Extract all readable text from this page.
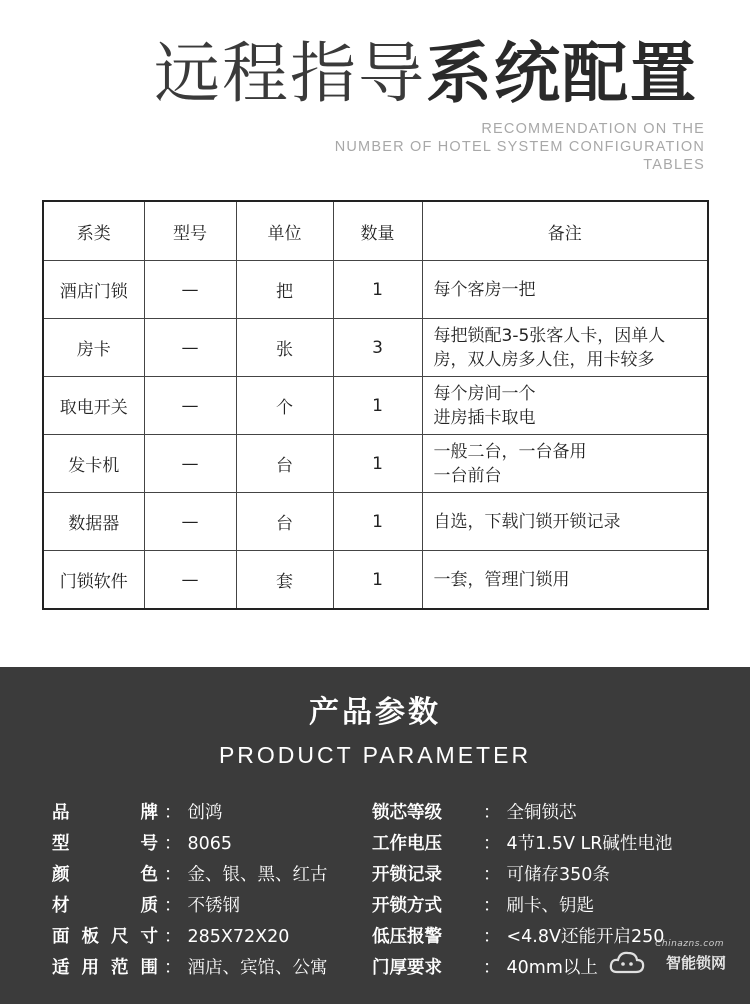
远程指导系统配置
RECOMMENDATION ON THE
NUMBER OF HOTEL SYSTEM CONFIGURATION
TABLES
系类	型号	单位	数量	备注
酒店门锁	—	把	1	每个客房一把

房卡	—	张	3	每把锁配3-5张客人卡，因单人
房，双人房多人住，用卡较多

取电开关	—	个	1	每个房间一个
进房插卡取电

发卡机	—	台	1	一般二台，一台备用
一台前台

数据器	—	台	1	自选，下载门锁开锁记录

门锁软件	—	套	1	一套，管理门锁用
产品参数
PRODUCT PARAMETER
品牌 ： 创鸿
型号 ： 8065
颜色 ： 金、银、黑、红古
材质 ： 不锈钢
面板尺寸 ： 285X72X20
适用范围 ： 酒店、宾馆、公寓
锁芯等级 ： 全铜锁芯
工作电压 ： 4节1.5V LR碱性电池
开锁记录 ： 可储存350条
开锁方式 ： 刷卡、钥匙
低压报警 ： <4.8V还能开启250
门厚要求 ： 40mm以上
Chinazns.com
智能锁网
